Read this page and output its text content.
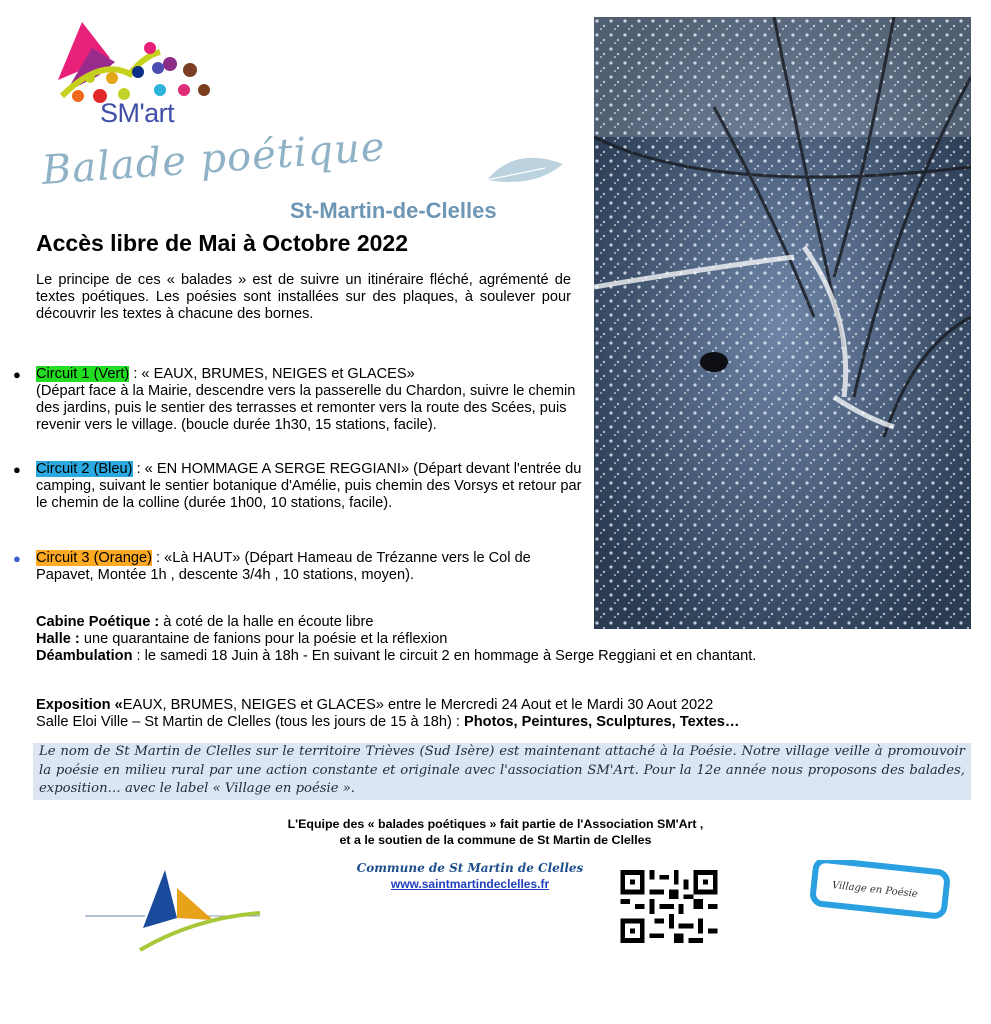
SM'art
Balade poétique
St-Martin-de-Clelles
Accès libre de Mai à Octobre 2022
Le principe de ces « balades » est de suivre un itinéraire fléché, agrémenté de textes poétiques. Les poésies sont installées sur des plaques, à soulever pour découvrir les textes à chacune des bornes.
●	Circuit 1 (Vert) : « EAUX, BRUMES, NEIGES et GLACES»
(Départ face à la Mairie, descendre vers la passerelle du Chardon, suivre le chemin des jardins, puis le sentier des terrasses et remonter vers la route des Scées, puis revenir vers le village. (boucle durée 1h30, 15 stations, facile).
●	Circuit 2 (Bleu) : « EN HOMMAGE A SERGE REGGIANI» (Départ devant l'entrée du camping, suivant le sentier botanique d'Amélie, puis chemin des Vorsys et retour par le chemin de la colline (durée 1h00, 10 stations, facile).
●	Circuit 3 (Orange) : «Là HAUT» (Départ Hameau de Trézanne vers le Col de Papavet, Montée 1h , descente 3/4h , 10 stations, moyen).
Cabine Poétique : à coté de la halle en écoute libre
Halle : une quarantaine de fanions pour la poésie et la réflexion
Déambulation : le samedi 18 Juin à 18h - En suivant le circuit 2 en hommage à Serge Reggiani et en chantant.
Exposition «EAUX, BRUMES, NEIGES et GLACES» entre le Mercredi 24 Aout et le Mardi 30 Aout 2022
Salle Eloi Ville – St Martin de Clelles (tous les jours de 15 à 18h) : Photos, Peintures, Sculptures, Textes…
Le nom de St Martin de Clelles sur le territoire Trièves (Sud Isère) est maintenant attaché à la Poésie. Notre village veille à promouvoir la poésie en milieu rural par une action constante et originale avec l'association SM'Art. Pour la 12e année nous proposons des balades, exposition… avec le label « Village en poésie ».
L'Equipe des « balades poétiques » fait partie de l'Association SM'Art ,
et a le soutien de la commune de St Martin de Clelles
Commune de St Martin de Clelles
www.saintmartindeclelles.fr	Village en Poésie
